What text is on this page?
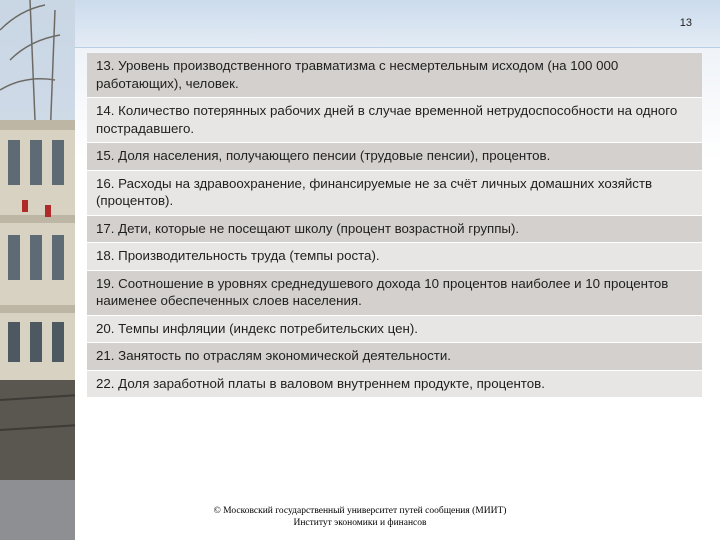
13
13. Уровень производственного травматизма с несмертельным исходом (на 100 000 работающих), человек.
14. Количество потерянных рабочих дней в случае временной нетрудоспособности на одного пострадавшего.
15. Доля населения, получающего пенсии (трудовые пенсии), процентов.
16. Расходы на здравоохранение, финансируемые не за счёт личных домашних хозяйств (процентов).
17. Дети, которые не посещают школу (процент возрастной группы).
18. Производительность труда (темпы роста).
19. Соотношение в уровнях среднедушевого дохода 10 процентов наиболее и 10 процентов наименее обеспеченных слоев населения.
20. Темпы инфляции (индекс потребительских цен).
21. Занятость по отраслям экономической деятельности.
22. Доля заработной платы в валовом внутреннем продукте, процентов.
© Московский государственный университет путей сообщения (МИИТ)
Институт экономики и финансов
